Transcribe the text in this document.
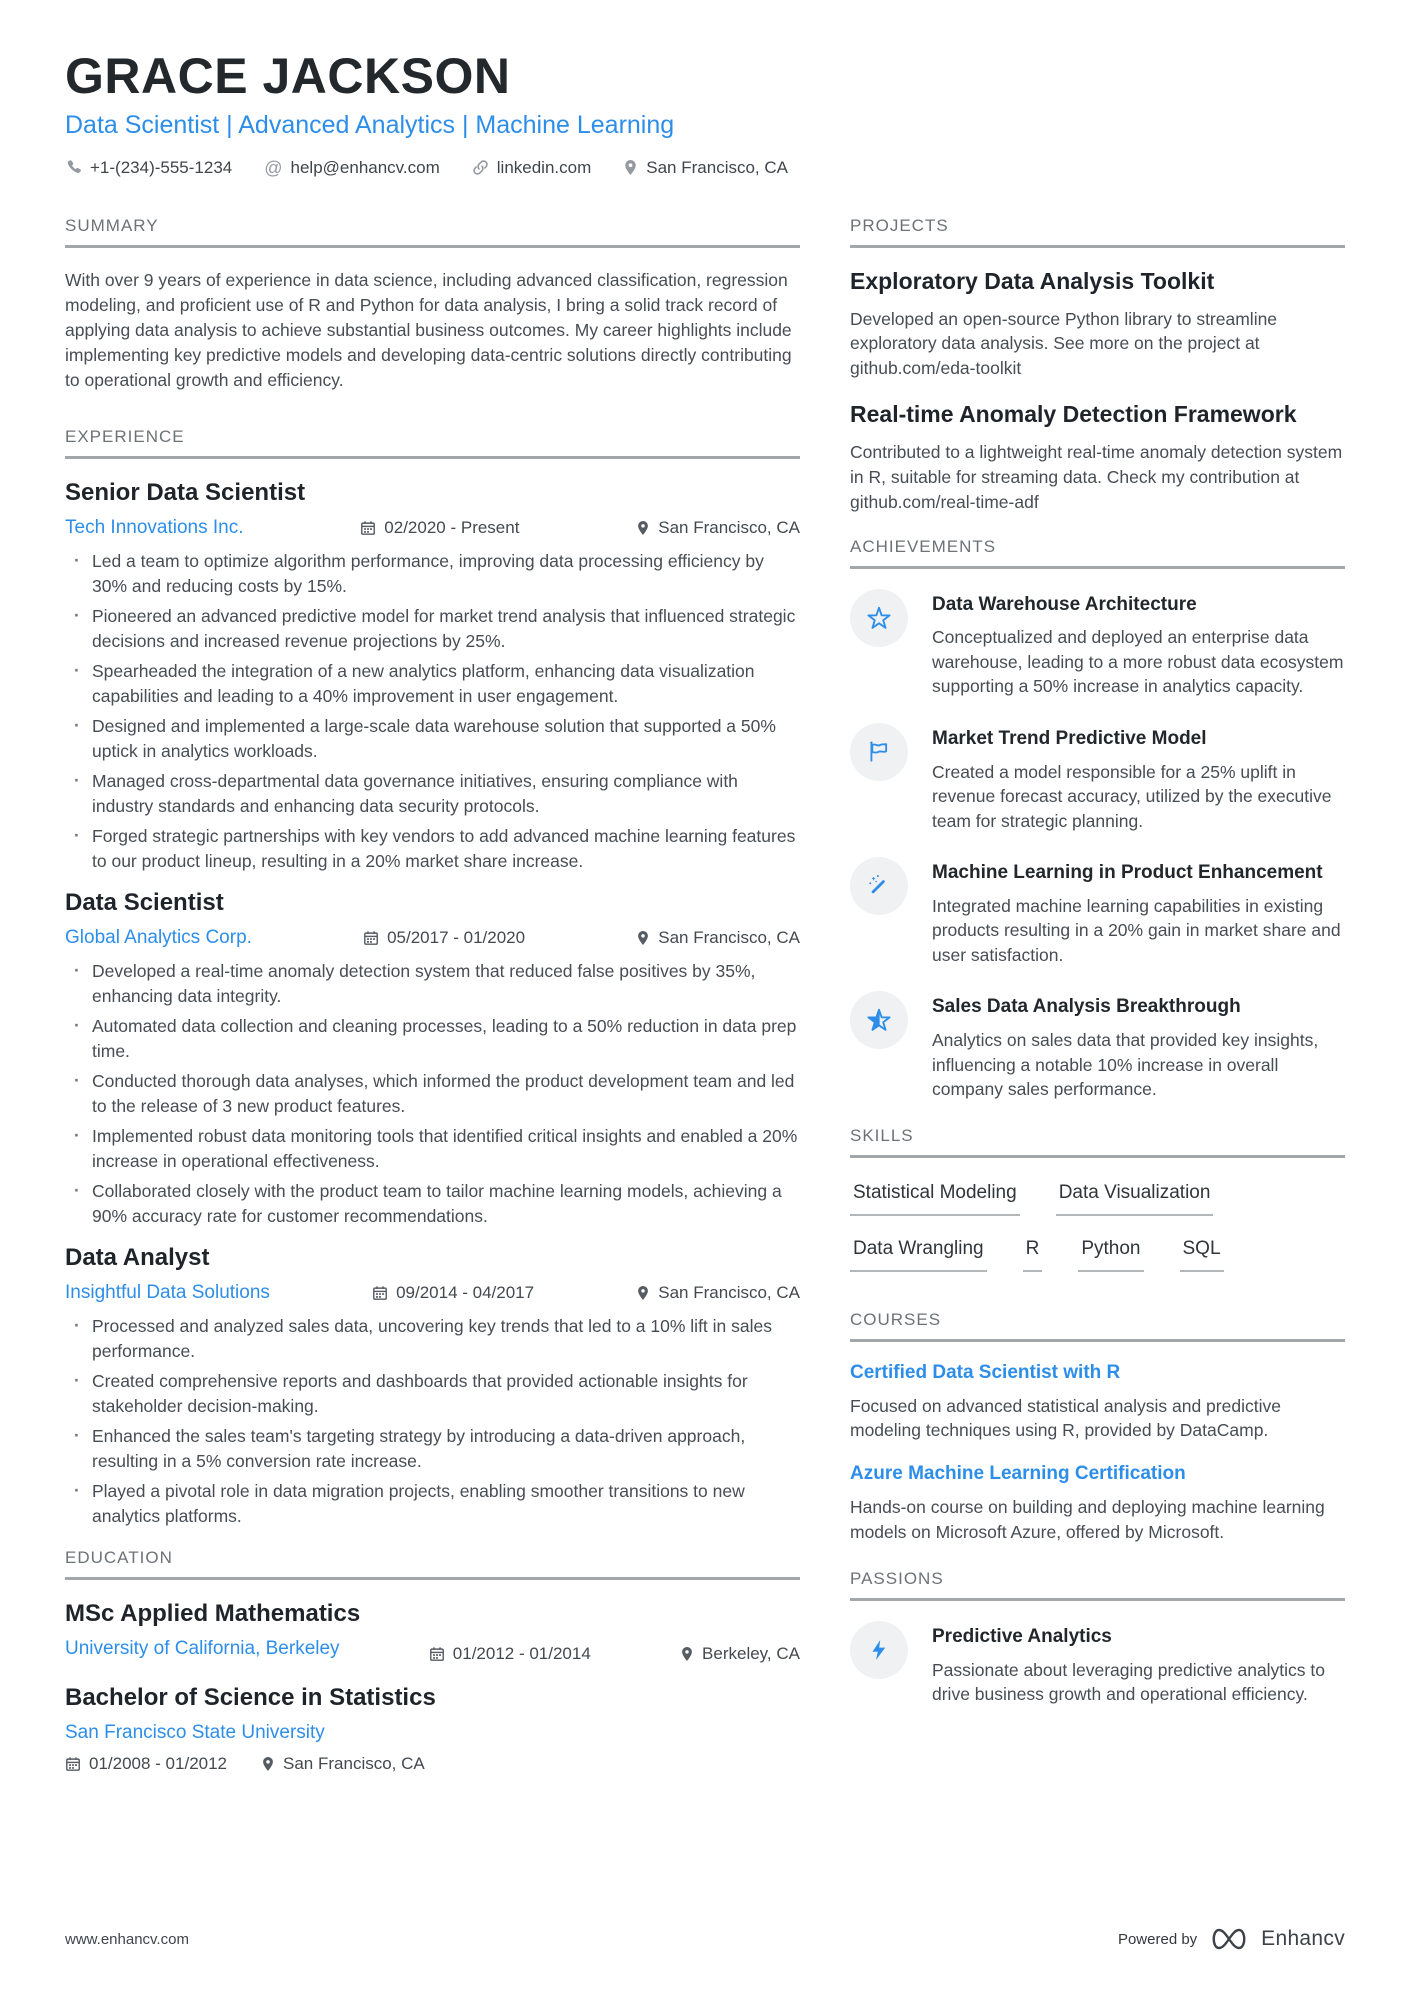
GRACE JACKSON
Data Scientist | Advanced Analytics | Machine Learning
+1-(234)-555-1234 @ help@enhancv.com	linkedin.com	San Francisco, CA
SUMMARY

With over 9 years of experience in data science, including advanced classification, regression modeling, and proficient use of R and Python for data analysis, I bring a solid track record of applying data analysis to achieve substantial business outcomes. My career highlights include implementing key predictive models and developing data-centric solutions directly contributing to operational growth and efficiency.

EXPERIENCE
Senior Data Scientist
Tech Innovations Inc.	02/2020 - Present	San Francisco, CA
· Led a team to optimize algorithm performance, improving data processing efficiency by 30% and reducing costs by 15%.
· Pioneered an advanced predictive model for market trend analysis that influenced strategic decisions and increased revenue projections by 25%.
· Spearheaded the integration of a new analytics platform, enhancing data visualization capabilities and leading to a 40% improvement in user engagement.
· Designed and implemented a large-scale data warehouse solution that supported a 50% uptick in analytics workloads.
· Managed cross-departmental data governance initiatives, ensuring compliance with industry standards and enhancing data security protocols.
· Forged strategic partnerships with key vendors to add advanced machine learning features to our product lineup, resulting in a 20% market share increase.
Data Scientist
Global Analytics Corp.	05/2017 - 01/2020	San Francisco, CA
· Developed a real-time anomaly detection system that reduced false positives by 35%, enhancing data integrity.
· Automated data collection and cleaning processes, leading to a 50% reduction in data prep time.
· Conducted thorough data analyses, which informed the product development team and led to the release of 3 new product features.
· Implemented robust data monitoring tools that identified critical insights and enabled a 20% increase in operational effectiveness.
· Collaborated closely with the product team to tailor machine learning models, achieving a 90% accuracy rate for customer recommendations.
Data Analyst
Insightful Data Solutions	09/2014 - 04/2017	San Francisco, CA
· Processed and analyzed sales data, uncovering key trends that led to a 10% lift in sales performance.
· Created comprehensive reports and dashboards that provided actionable insights for stakeholder decision-making.
· Enhanced the sales team's targeting strategy by introducing a data-driven approach, resulting in a 5% conversion rate increase.
· Played a pivotal role in data migration projects, enabling smoother transitions to new analytics platforms.
EDUCATION
MSc Applied Mathematics
University of California, Berkeley	01/2012 - 01/2014	Berkeley, CA
Bachelor of Science in Statistics
San Francisco State University
01/2008 - 01/2012	San Francisco, CA
PROJECTS
Exploratory Data Analysis Toolkit

Developed an open-source Python library to streamline exploratory data analysis. See more on the project at github.com/eda-toolkit

Real-time Anomaly Detection Framework

Contributed to a lightweight real-time anomaly detection system in R, suitable for streaming data. Check my contribution at github.com/real-time-adf

ACHIEVEMENTS
Data Warehouse Architecture

Conceptualized and deployed an enterprise data warehouse, leading to a more robust data ecosystem supporting a 50% increase in analytics capacity.

Market Trend Predictive Model

Created a model responsible for a 25% uplift in revenue forecast accuracy, utilized by the executive team for strategic planning.

Machine Learning in Product Enhancement

Integrated machine learning capabilities in existing products resulting in a 20% gain in market share and user satisfaction.

Sales Data Analysis Breakthrough

Analytics on sales data that provided key insights, influencing a notable 10% increase in overall company sales performance.

SKILLS
Statistical Modeling Data Visualization
Data Wrangling R Python SQL
COURSES
Certified Data Scientist with R

Focused on advanced statistical analysis and predictive modeling techniques using R, provided by DataCamp.

Azure Machine Learning Certification

Hands-on course on building and deploying machine learning models on Microsoft Azure, offered by Microsoft.

PASSIONS
Predictive Analytics

Passionate about leveraging predictive analytics to drive business growth and operational efficiency.

www.enhancv.com	Powered by	Enhancv
